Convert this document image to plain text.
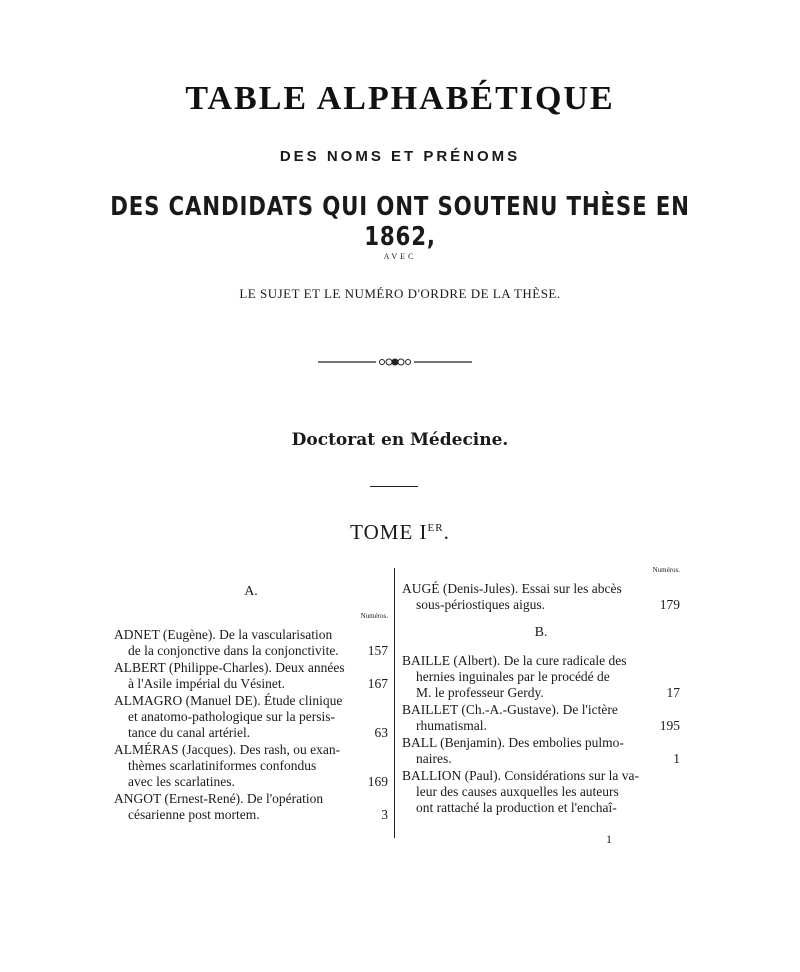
TABLE ALPHABÉTIQUE
DES NOMS ET PRÉNOMS
DES CANDIDATS QUI ONT SOUTENU THÈSE EN 1862,
AVEC
LE SUJET ET LE NUMÉRO D'ORDRE DE LA THÈSE.
Doctorat en Médecine.
TOME IER.
A.
Numéros.
ADNET (Eugène). De la vascularisation
de la conjonctive dans la conjonctivite. 157
ALBERT (Philippe-Charles). Deux années
à l'Asile impérial du Vésinet.	167
ALMAGRO (Manuel DE). Étude clinique
et anatomo-pathologique sur la persis-
tance du canal artériel.	63
ALMÉRAS (Jacques). Des rash, ou exan-
thèmes scarlatiniformes confondus
avec les scarlatines.	169
ANGOT (Ernest-René). De l'opération
césarienne post mortem.	3
Numéros.
AUGÉ (Denis-Jules). Essai sur les abcès
sous-périostiques aigus.	179
B.
BAILLE (Albert). De la cure radicale des
hernies inguinales par le procédé de
M. le professeur Gerdy.	17
BAILLET (Ch.-A.-Gustave). De l'ictère
rhumatismal.	195
BALL (Benjamin). Des embolies pulmo-
naires.	1
BALLION (Paul). Considérations sur la va-
leur des causes auxquelles les auteurs
ont rattaché la production et l'enchaî-
1
